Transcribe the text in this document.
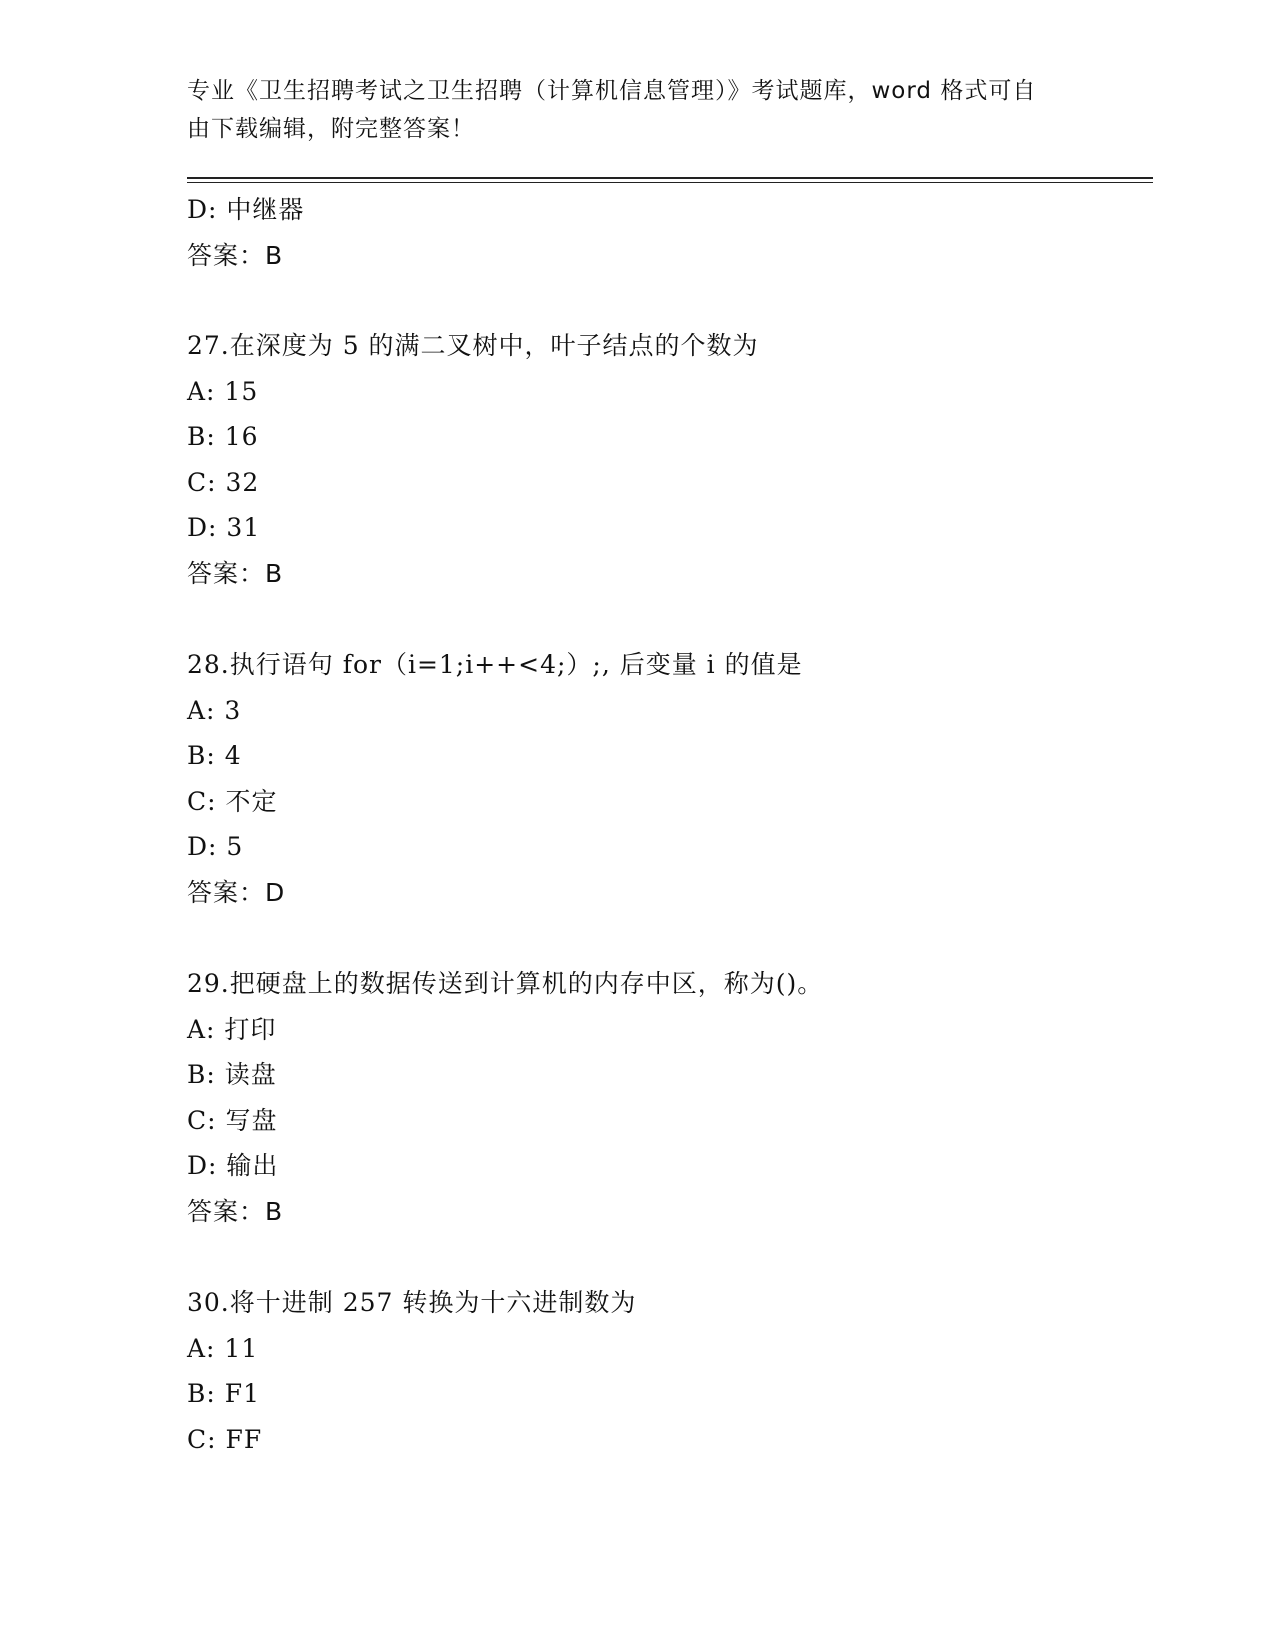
专业《卫生招聘考试之卫生招聘（计算机信息管理）》考试题库，word 格式可自
由下载编辑，附完整答案！
D: 中继器
答案：B
27.在深度为 5 的满二叉树中，叶子结点的个数为
A: 15
B: 16
C: 32
D: 31
答案：B
28.执行语句 for（i=1;i++<4;）;, 后变量 i 的值是
A: 3
B: 4
C: 不定
D: 5
答案：D
29.把硬盘上的数据传送到计算机的内存中区，称为()。
A: 打印
B: 读盘
C: 写盘
D: 输出
答案：B
30.将十进制 257 转换为十六进制数为
A: 11
B: F1
C: FF
